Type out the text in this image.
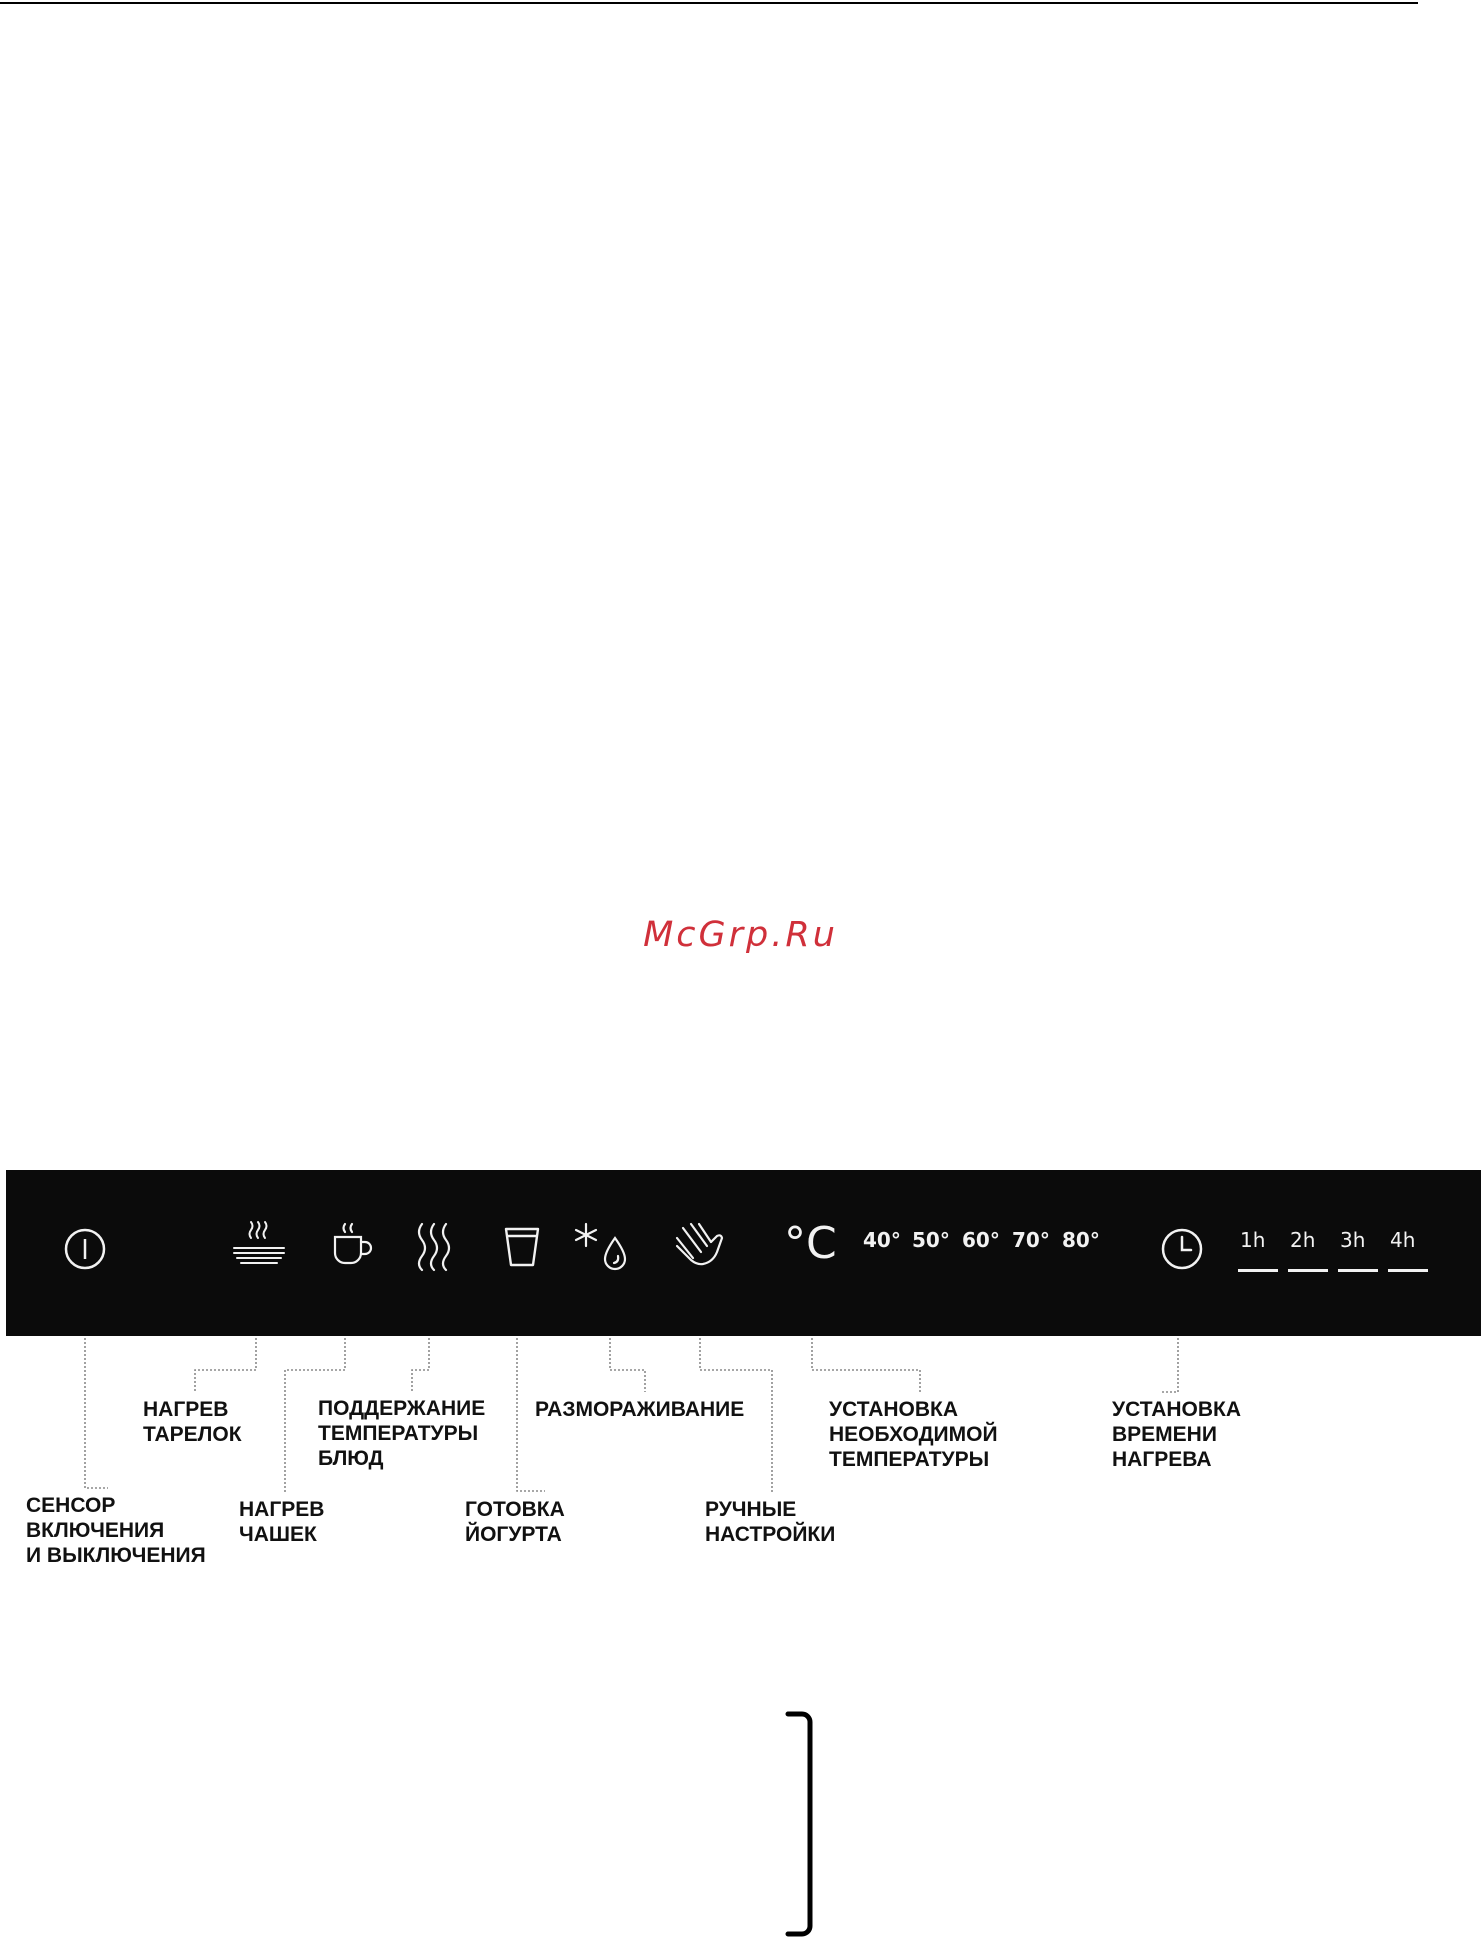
McGrp.Ru
°C 40° 50° 60° 70° 80°	1h 2h 3h 4h
СЕНСОР
ВКЛЮЧЕНИЯ
И ВЫКЛЮЧЕНИЯ
НАГРЕВ
ТАРЕЛОК
НАГРЕВ
ЧАШЕК
ПОДДЕРЖАНИЕ
ТЕМПЕРАТУРЫ
БЛЮД
ГОТОВКА
ЙОГУРТА
РАЗМОРАЖИВАНИЕ
РУЧНЫЕ
НАСТРОЙКИ
УСТАНОВКА
НЕОБХОДИМОЙ
ТЕМПЕРАТУРЫ
УСТАНОВКА
ВРЕМЕНИ
НАГРЕВА
